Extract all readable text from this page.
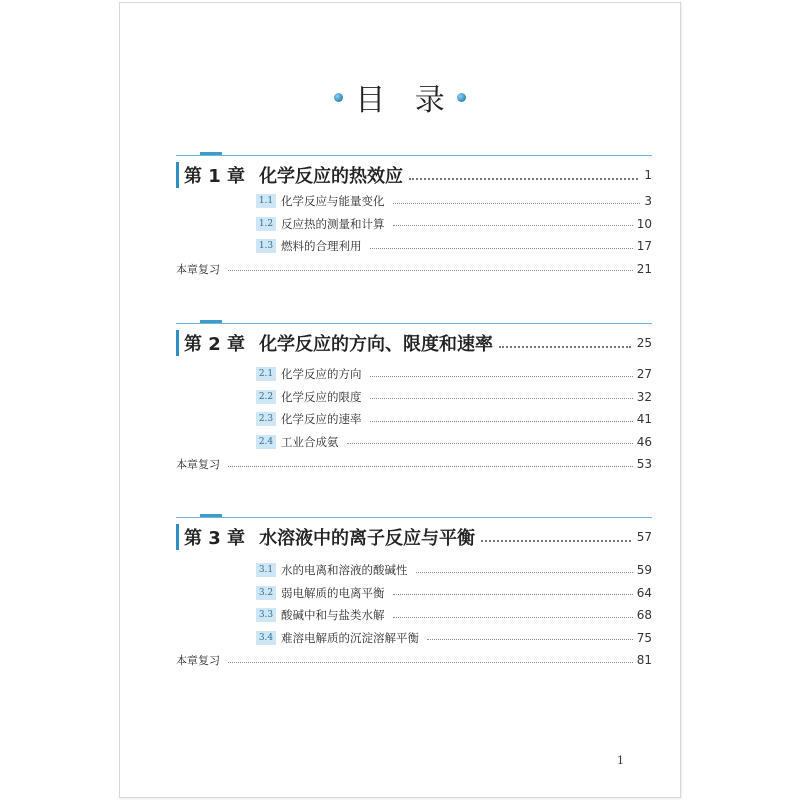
目 录
第 1 章 化学反应的热效应	1
1.1 化学反应与能量变化	3
1.2 反应热的测量和计算	10
1.3 燃料的合理利用	17
本章复习	21
第 2 章 化学反应的方向、限度和速率	25
2.1 化学反应的方向	27
2.2 化学反应的限度	32
2.3 化学反应的速率	41
2.4 工业合成氨	46
本章复习	53
第 3 章 水溶液中的离子反应与平衡	57
3.1 水的电离和溶液的酸碱性	59
3.2 弱电解质的电离平衡	64
3.3 酸碱中和与盐类水解	68
3.4 难溶电解质的沉淀溶解平衡	75
本章复习	81
1
